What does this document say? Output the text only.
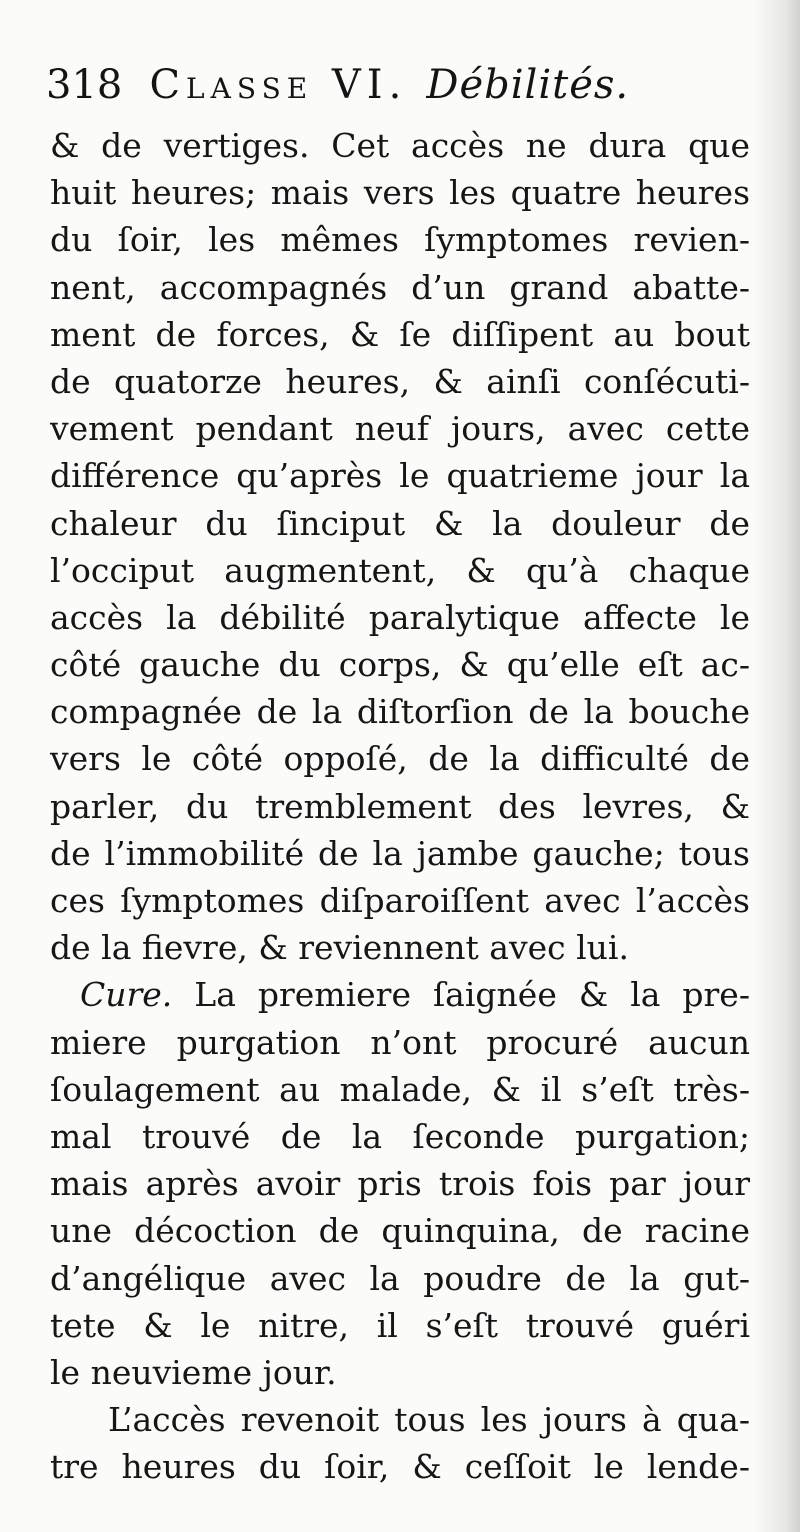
318 Classe VI. Débilités.
& de vertiges. Cet accès ne dura que
huit heures; mais vers les quatre heures
du ſoir, les mêmes ſymptomes revien-
nent, accompagnés d’un grand abatte-
ment de forces, & ſe diſſipent au bout
de quatorze heures, & ainſi conſécuti-
vement pendant neuf jours, avec cette
différence qu’après le quatrieme jour la
chaleur du ſinciput & la douleur de
l’occiput augmentent, & qu’à chaque
accès la débilité paralytique affecte le
côté gauche du corps, & qu’elle eſt ac-
compagnée de la diſtorſion de la bouche
vers le côté oppoſé, de la difficulté de
parler, du tremblement des levres, &
de l’immobilité de la jambe gauche; tous
ces ſymptomes diſparoiſſent avec l’accès
de la fievre, & reviennent avec lui.
Cure. La premiere ſaignée & la pre-
miere purgation n’ont procuré aucun
ſoulagement au malade, & il s’eſt très-
mal trouvé de la ſeconde purgation;
mais après avoir pris trois fois par jour
une décoction de quinquina, de racine
d’angélique avec la poudre de la gut-
tete & le nitre, il s’eſt trouvé guéri
le neuvieme jour.
L’accès revenoit tous les jours à qua-
tre heures du ſoir, & ceſſoit le lende-
